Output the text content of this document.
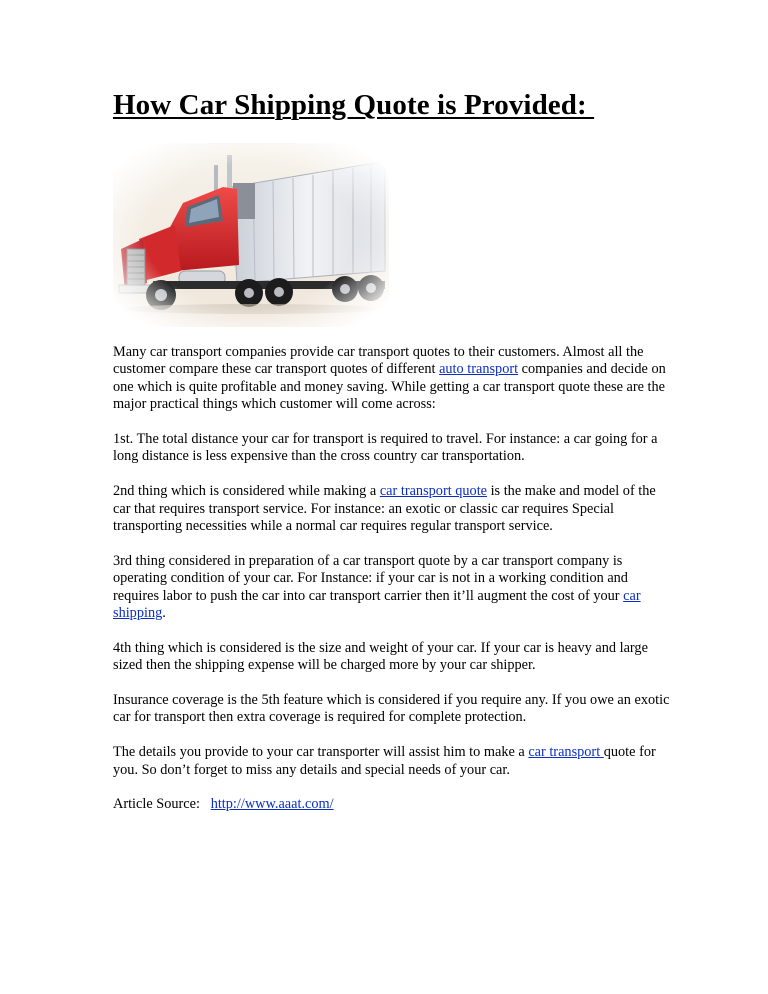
How Car Shipping Quote is Provided:

Many car transport companies provide car transport quotes to their customers. Almost all the customer compare these car transport quotes of different auto transport companies and decide on one which is quite profitable and money saving. While getting a car transport quote these are the major practical things which customer will come across:

1st. The total distance your car for transport is required to travel. For instance: a car going for a long distance is less expensive than the cross country car transportation.

2nd thing which is considered while making a car transport quote is the make and model of the car that requires transport service. For instance: an exotic or classic car requires Special transporting necessities while a normal car requires regular transport service.

3rd thing considered in preparation of a car transport quote by a car transport company is operating condition of your car. For Instance: if your car is not in a working condition and requires labor to push the car into car transport carrier then it’ll augment the cost of your car shipping.

4th thing which is considered is the size and weight of your car. If your car is heavy and large sized then the shipping expense will be charged more by your car shipper.

Insurance coverage is the 5th feature which is considered if you require any. If you owe an exotic car for transport then extra coverage is required for complete protection.

The details you provide to your car transporter will assist him to make a car transport quote for you. So don’t forget to miss any details and special needs of your car.

Article Source: http://www.aaat.com/
